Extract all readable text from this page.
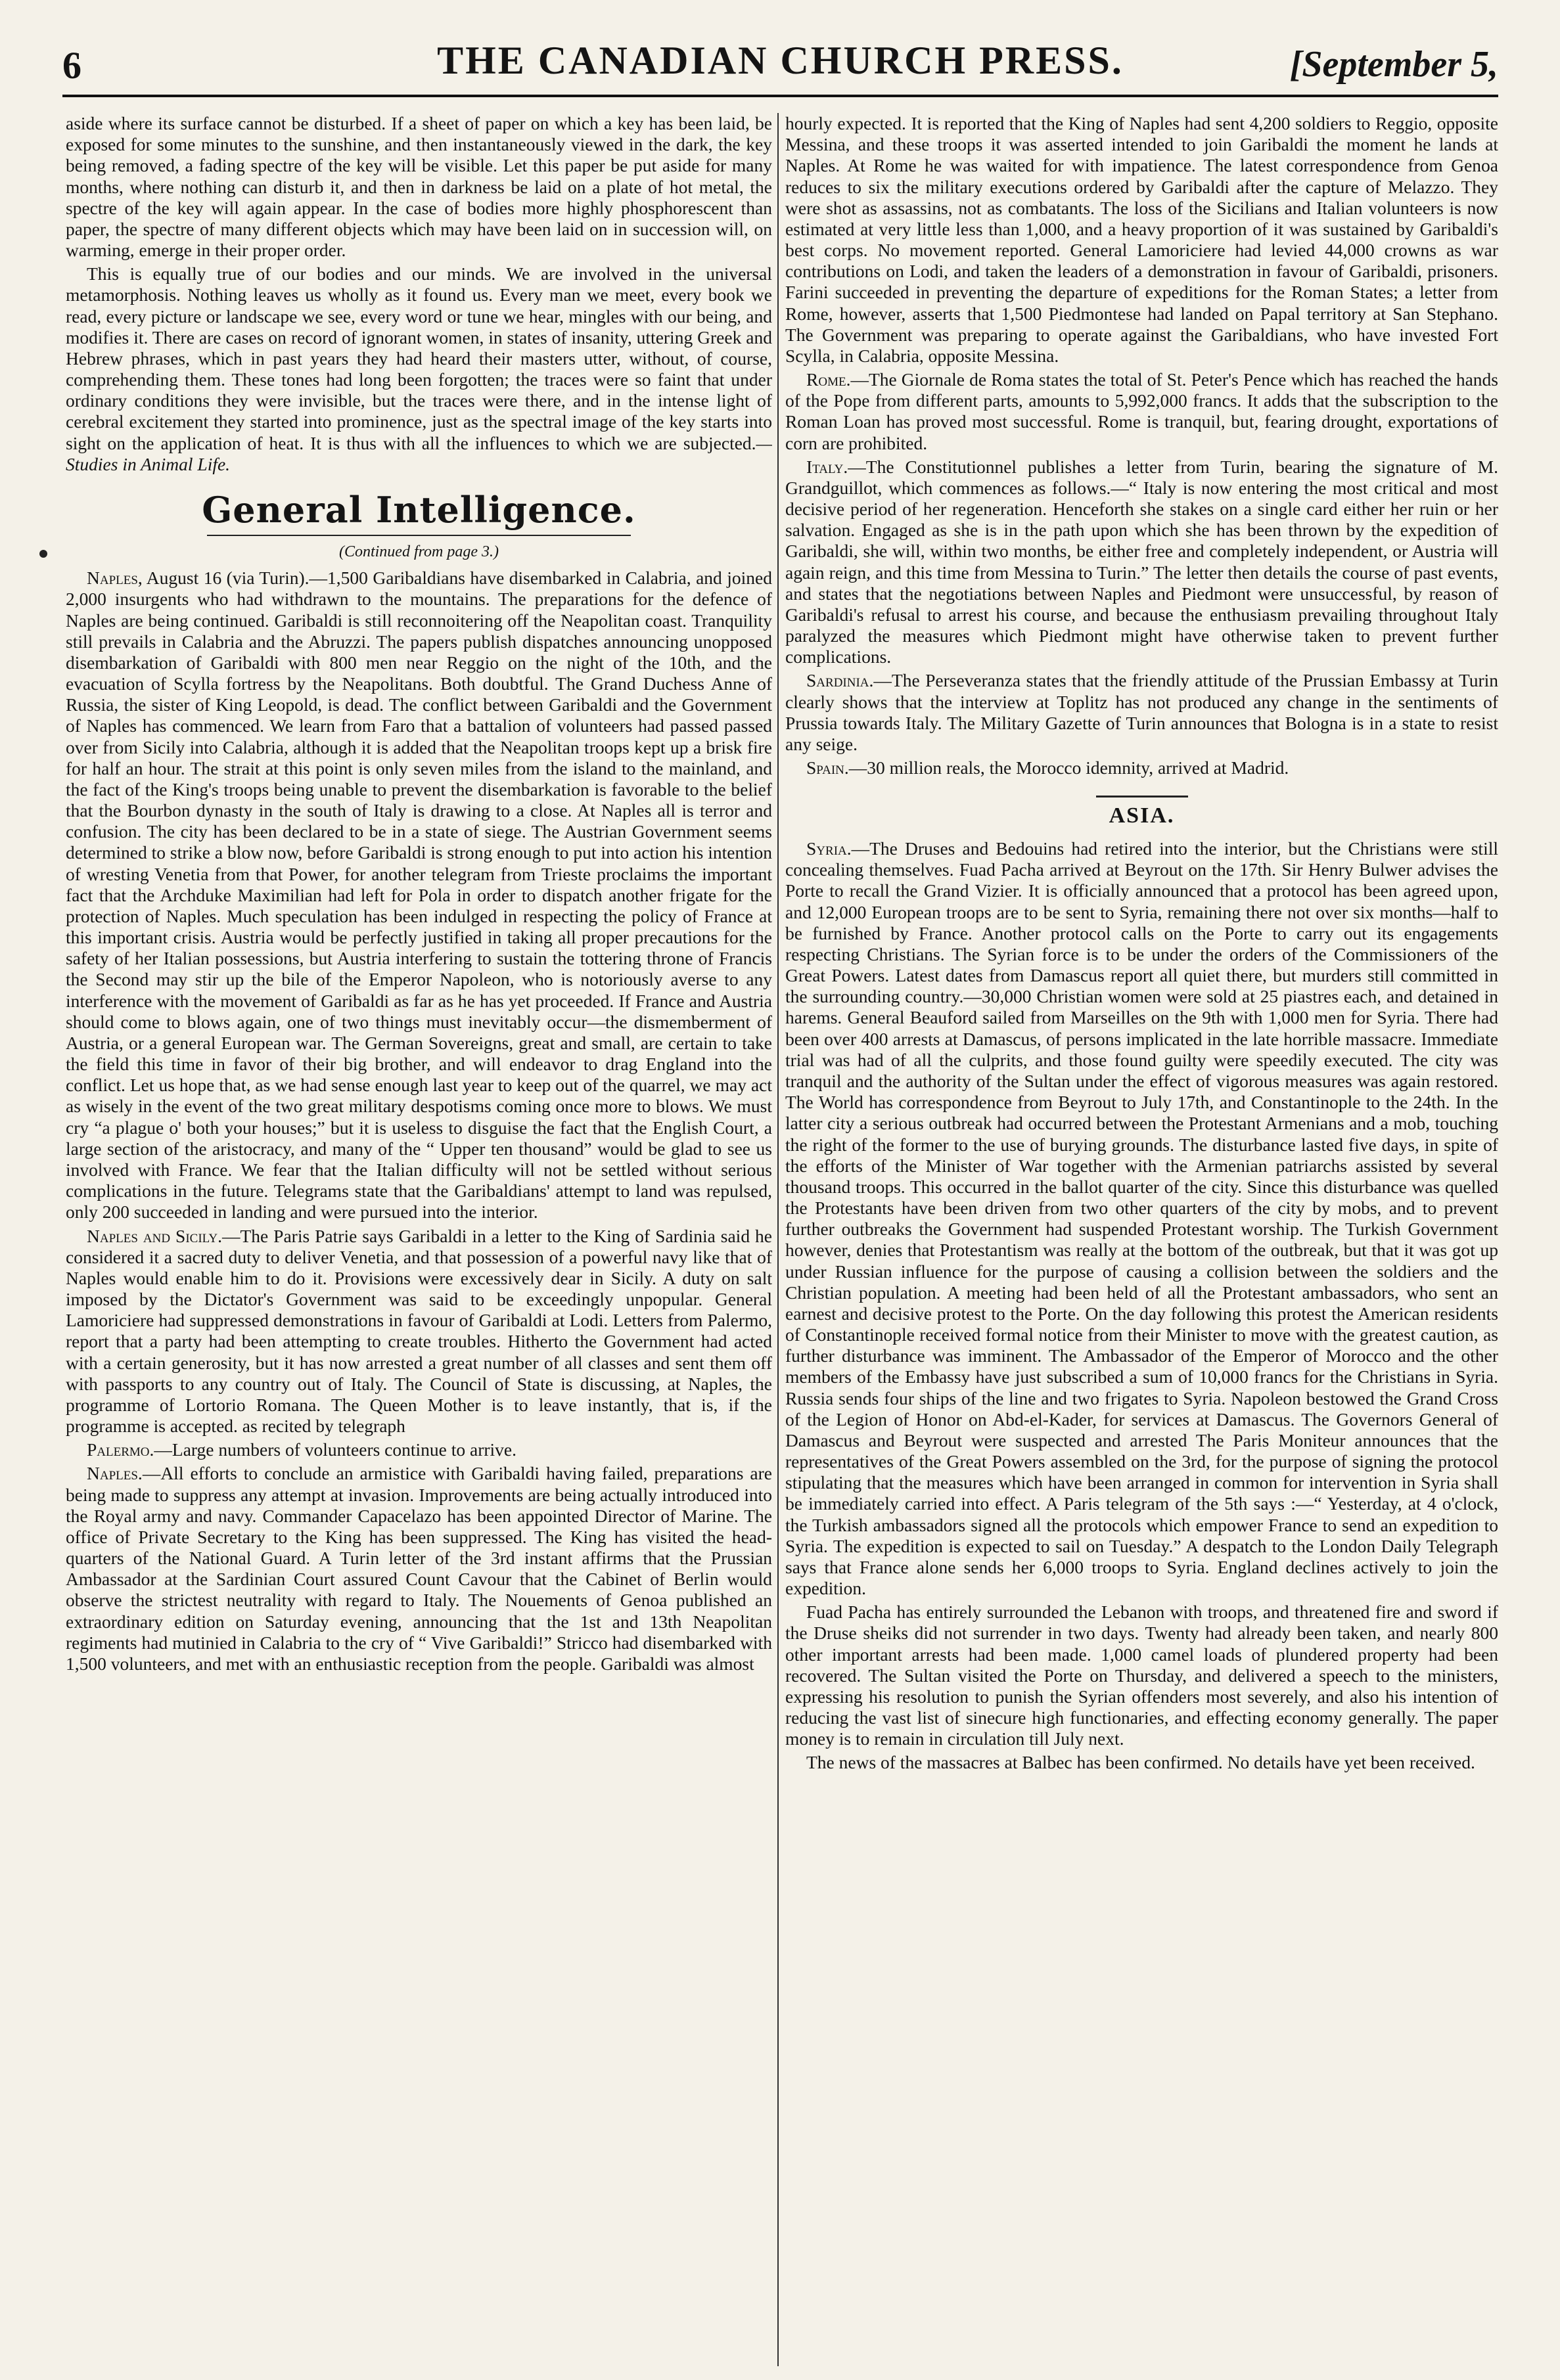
6	THE CANADIAN CHURCH PRESS.	[September 5,

aside where its surface cannot be disturbed. If a sheet of paper on which a key has been laid, be exposed for some minutes to the sunshine, and then instantaneously viewed in the dark, the key being removed, a fading spectre of the key will be visible. Let this paper be put aside for many months, where nothing can disturb it, and then in darkness be laid on a plate of hot metal, the spectre of the key will again appear. In the case of bodies more highly phosphorescent than paper, the spectre of many different objects which may have been laid on in succession will, on warming, emerge in their proper order.

This is equally true of our bodies and our minds. We are involved in the universal metamorphosis. Nothing leaves us wholly as it found us. Every man we meet, every book we read, every picture or landscape we see, every word or tune we hear, mingles with our being, and modifies it. There are cases on record of ignorant women, in states of insanity, uttering Greek and Hebrew phrases, which in past years they had heard their masters utter, without, of course, comprehending them. These tones had long been forgotten; the traces were so faint that under ordinary conditions they were invisible, but the traces were there, and in the intense light of cerebral excitement they started into prominence, just as the spectral image of the key starts into sight on the application of heat. It is thus with all the influences to which we are subjected.—Studies in Animal Life.

General Intelligence.
(Continued from page 3.)

Naples, August 16 (via Turin).—1,500 Garibaldians have disembarked in Calabria, and joined 2,000 insurgents who had withdrawn to the mountains. The preparations for the defence of Naples are being continued. Garibaldi is still reconnoitering off the Neapolitan coast. Tranquility still prevails in Calabria and the Abruzzi. The papers publish dispatches announcing unopposed disembarkation of Garibaldi with 800 men near Reggio on the night of the 10th, and the evacuation of Scylla fortress by the Neapolitans. Both doubtful. The Grand Duchess Anne of Russia, the sister of King Leopold, is dead. The conflict between Garibaldi and the Government of Naples has commenced. We learn from Faro that a battalion of volunteers had passed passed over from Sicily into Calabria, although it is added that the Neapolitan troops kept up a brisk fire for half an hour. The strait at this point is only seven miles from the island to the mainland, and the fact of the King's troops being unable to prevent the disembarkation is favorable to the belief that the Bourbon dynasty in the south of Italy is drawing to a close. At Naples all is terror and confusion. The city has been declared to be in a state of siege. The Austrian Government seems determined to strike a blow now, before Garibaldi is strong enough to put into action his intention of wresting Venetia from that Power, for another telegram from Trieste proclaims the important fact that the Archduke Maximilian had left for Pola in order to dispatch another frigate for the protection of Naples. Much speculation has been indulged in respecting the policy of France at this important crisis. Austria would be perfectly justified in taking all proper precautions for the safety of her Italian possessions, but Austria interfering to sustain the tottering throne of Francis the Second may stir up the bile of the Emperor Napoleon, who is notoriously averse to any interference with the movement of Garibaldi as far as he has yet proceeded. If France and Austria should come to blows again, one of two things must inevitably occur—the dismemberment of Austria, or a general European war. The German Sovereigns, great and small, are certain to take the field this time in favor of their big brother, and will endeavor to drag England into the conflict. Let us hope that, as we had sense enough last year to keep out of the quarrel, we may act as wisely in the event of the two great military despotisms coming once more to blows. We must cry “a plague o' both your houses;” but it is useless to disguise the fact that the English Court, a large section of the aristocracy, and many of the “ Upper ten thousand” would be glad to see us involved with France. We fear that the Italian difficulty will not be settled without serious complications in the future. Telegrams state that the Garibaldians' attempt to land was repulsed, only 200 succeeded in landing and were pursued into the interior.

Naples and Sicily.—The Paris Patrie says Garibaldi in a letter to the King of Sardinia said he considered it a sacred duty to deliver Venetia, and that possession of a powerful navy like that of Naples would enable him to do it. Provisions were excessively dear in Sicily. A duty on salt imposed by the Dictator's Government was said to be exceedingly unpopular. General Lamoriciere had suppressed demonstrations in favour of Garibaldi at Lodi. Letters from Palermo, report that a party had been attempting to create troubles. Hitherto the Government had acted with a certain generosity, but it has now arrested a great number of all classes and sent them off with passports to any country out of Italy. The Council of State is discussing, at Naples, the programme of Lortorio Romana. The Queen Mother is to leave instantly, that is, if the programme is accepted. as recited by telegraph

Palermo.—Large numbers of volunteers continue to arrive.

Naples.—All efforts to conclude an armistice with Garibaldi having failed, preparations are being made to suppress any attempt at invasion. Improvements are being actually introduced into the Royal army and navy. Commander Capacelazo has been appointed Director of Marine. The office of Private Secretary to the King has been suppressed. The King has visited the head-quarters of the National Guard. A Turin letter of the 3rd instant affirms that the Prussian Ambassador at the Sardinian Court assured Count Cavour that the Cabinet of Berlin would observe the strictest neutrality with regard to Italy. The Nouements of Genoa published an extraordinary edition on Saturday evening, announcing that the 1st and 13th Neapolitan regiments had mutinied in Calabria to the cry of “ Vive Garibaldi!” Stricco had disembarked with 1,500 volunteers, and met with an enthusiastic reception from the people. Garibaldi was almost

hourly expected. It is reported that the King of Naples had sent 4,200 soldiers to Reggio, opposite Messina, and these troops it was asserted intended to join Garibaldi the moment he lands at Naples. At Rome he was waited for with impatience. The latest correspondence from Genoa reduces to six the military executions ordered by Garibaldi after the capture of Melazzo. They were shot as assassins, not as combatants. The loss of the Sicilians and Italian volunteers is now estimated at very little less than 1,000, and a heavy proportion of it was sustained by Garibaldi's best corps. No movement reported. General Lamoriciere had levied 44,000 crowns as war contributions on Lodi, and taken the leaders of a demonstration in favour of Garibaldi, prisoners. Farini succeeded in preventing the departure of expeditions for the Roman States; a letter from Rome, however, asserts that 1,500 Piedmontese had landed on Papal territory at San Stephano. The Government was preparing to operate against the Garibaldians, who have invested Fort Scylla, in Calabria, opposite Messina.

Rome.—The Giornale de Roma states the total of St. Peter's Pence which has reached the hands of the Pope from different parts, amounts to 5,992,000 francs. It adds that the subscription to the Roman Loan has proved most successful. Rome is tranquil, but, fearing drought, exportations of corn are prohibited.

Italy.—The Constitutionnel publishes a letter from Turin, bearing the signature of M. Grandguillot, which commences as follows.—“ Italy is now entering the most critical and most decisive period of her regeneration. Henceforth she stakes on a single card either her ruin or her salvation. Engaged as she is in the path upon which she has been thrown by the expedition of Garibaldi, she will, within two months, be either free and completely independent, or Austria will again reign, and this time from Messina to Turin.” The letter then details the course of past events, and states that the negotiations between Naples and Piedmont were unsuccessful, by reason of Garibaldi's refusal to arrest his course, and because the enthusiasm prevailing throughout Italy paralyzed the measures which Piedmont might have otherwise taken to prevent further complications.

Sardinia.—The Perseveranza states that the friendly attitude of the Prussian Embassy at Turin clearly shows that the interview at Toplitz has not produced any change in the sentiments of Prussia towards Italy. The Military Gazette of Turin announces that Bologna is in a state to resist any seige.

Spain.—30 million reals, the Morocco idemnity, arrived at Madrid.

ASIA.

Syria.—The Druses and Bedouins had retired into the interior, but the Christians were still concealing themselves. Fuad Pacha arrived at Beyrout on the 17th. Sir Henry Bulwer advises the Porte to recall the Grand Vizier. It is officially announced that a protocol has been agreed upon, and 12,000 European troops are to be sent to Syria, remaining there not over six months—half to be furnished by France. Another protocol calls on the Porte to carry out its engagements respecting Christians. The Syrian force is to be under the orders of the Commissioners of the Great Powers. Latest dates from Damascus report all quiet there, but murders still committed in the surrounding country.—30,000 Christian women were sold at 25 piastres each, and detained in harems. General Beauford sailed from Marseilles on the 9th with 1,000 men for Syria. There had been over 400 arrests at Damascus, of persons implicated in the late horrible massacre. Immediate trial was had of all the culprits, and those found guilty were speedily executed. The city was tranquil and the authority of the Sultan under the effect of vigorous measures was again restored. The World has correspondence from Beyrout to July 17th, and Constantinople to the 24th. In the latter city a serious outbreak had occurred between the Protestant Armenians and a mob, touching the right of the former to the use of burying grounds. The disturbance lasted five days, in spite of the efforts of the Minister of War together with the Armenian patriarchs assisted by several thousand troops. This occurred in the ballot quarter of the city. Since this disturbance was quelled the Protestants have been driven from two other quarters of the city by mobs, and to prevent further outbreaks the Government had suspended Protestant worship. The Turkish Government however, denies that Protestantism was really at the bottom of the outbreak, but that it was got up under Russian influence for the purpose of causing a collision between the soldiers and the Christian population. A meeting had been held of all the Protestant ambassadors, who sent an earnest and decisive protest to the Porte. On the day following this protest the American residents of Constantinople received formal notice from their Minister to move with the greatest caution, as further disturbance was imminent. The Ambassador of the Emperor of Morocco and the other members of the Embassy have just subscribed a sum of 10,000 francs for the Christians in Syria. Russia sends four ships of the line and two frigates to Syria. Napoleon bestowed the Grand Cross of the Legion of Honor on Abd-el-Kader, for services at Damascus. The Governors General of Damascus and Beyrout were suspected and arrested The Paris Moniteur announces that the representatives of the Great Powers assembled on the 3rd, for the purpose of signing the protocol stipulating that the measures which have been arranged in common for intervention in Syria shall be immediately carried into effect. A Paris telegram of the 5th says :—“ Yesterday, at 4 o'clock, the Turkish ambassadors signed all the protocols which empower France to send an expedition to Syria. The expedition is expected to sail on Tuesday.” A despatch to the London Daily Telegraph says that France alone sends her 6,000 troops to Syria. England declines actively to join the expedition.

Fuad Pacha has entirely surrounded the Lebanon with troops, and threatened fire and sword if the Druse sheiks did not surrender in two days. Twenty had already been taken, and nearly 800 other important arrests had been made. 1,000 camel loads of plundered property had been recovered. The Sultan visited the Porte on Thursday, and delivered a speech to the ministers, expressing his resolution to punish the Syrian offenders most severely, and also his intention of reducing the vast list of sinecure high functionaries, and effecting economy generally. The paper money is to remain in circulation till July next.

The news of the massacres at Balbec has been confirmed. No details have yet been received.
